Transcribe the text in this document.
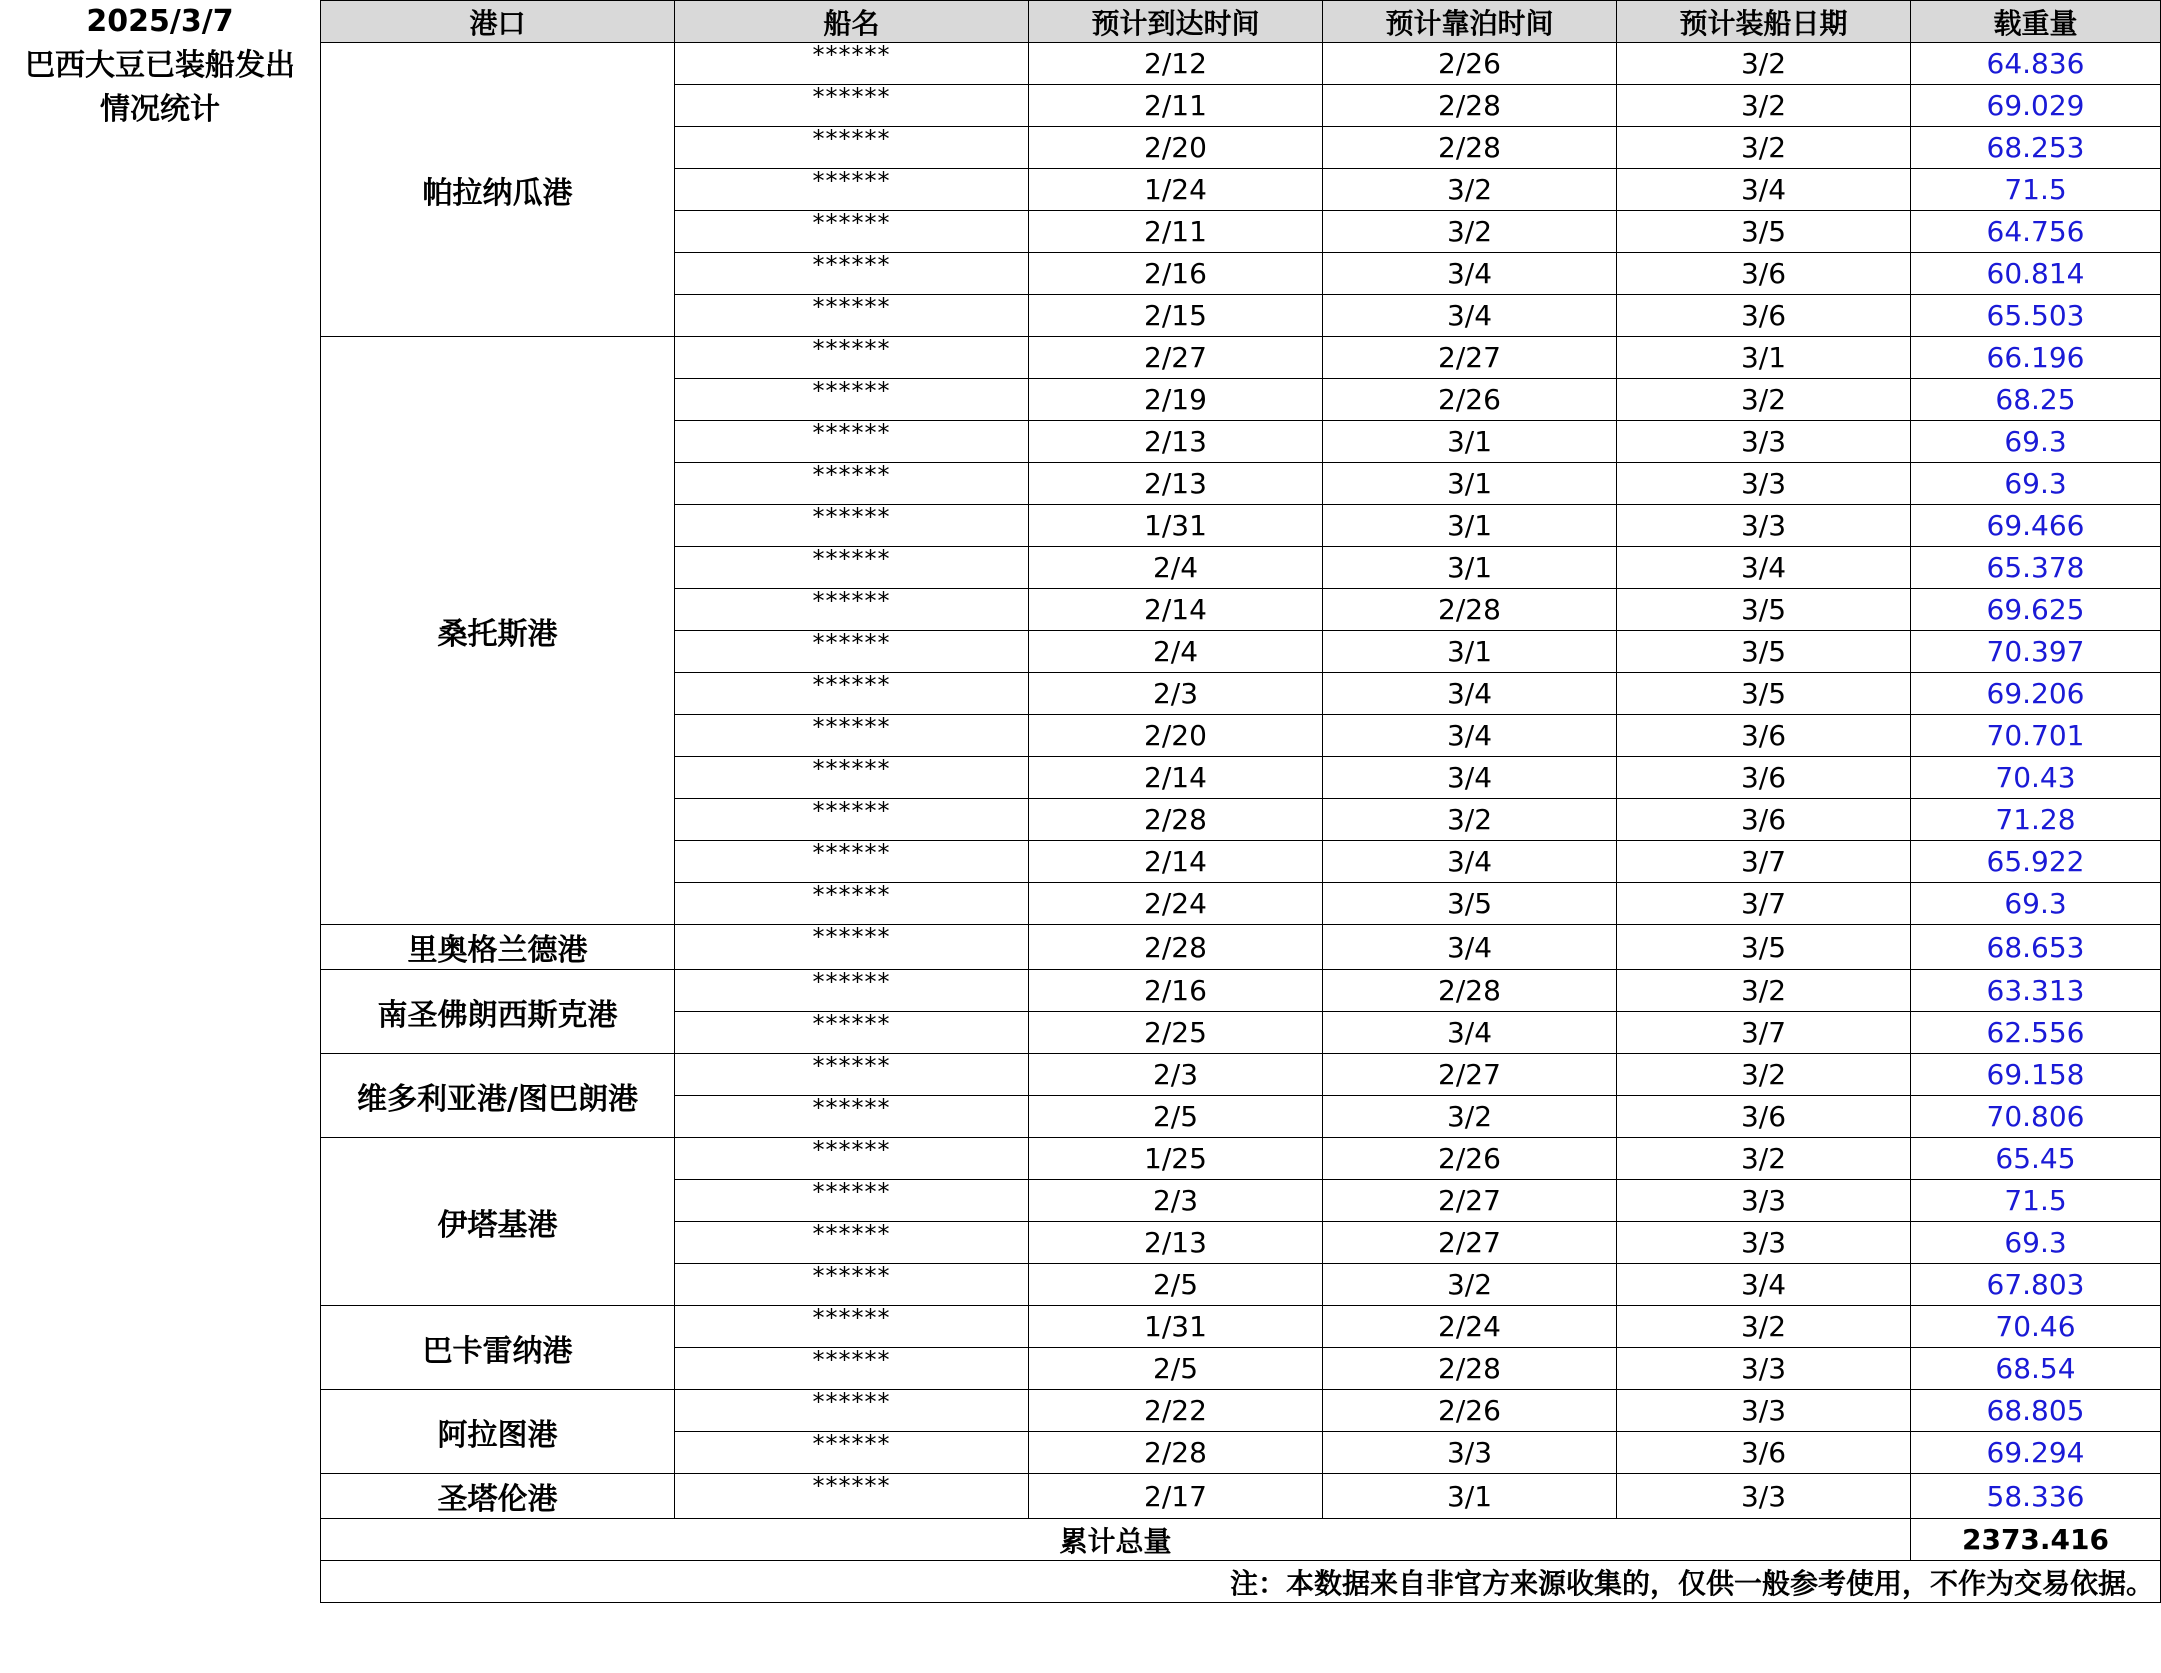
2025/3/7
巴西大豆已装船发出
情况统计
港口	船名	预计到达时间	预计靠泊时间	预计装船日期	载重量
帕拉纳瓜港	******	2/12	2/26	3/2	64.836
	******	2/11	2/28	3/2	69.029
	******	2/20	2/28	3/2	68.253
	******	1/24	3/2	3/4	71.5
	******	2/11	3/2	3/5	64.756
	******	2/16	3/4	3/6	60.814
	******	2/15	3/4	3/6	65.503
桑托斯港	******	2/27	2/27	3/1	66.196
	******	2/19	2/26	3/2	68.25
	******	2/13	3/1	3/3	69.3
	******	2/13	3/1	3/3	69.3
	******	1/31	3/1	3/3	69.466
	******	2/4	3/1	3/4	65.378
	******	2/14	2/28	3/5	69.625
	******	2/4	3/1	3/5	70.397
	******	2/3	3/4	3/5	69.206
	******	2/20	3/4	3/6	70.701
	******	2/14	3/4	3/6	70.43
	******	2/28	3/2	3/6	71.28
	******	2/14	3/4	3/7	65.922
	******	2/24	3/5	3/7	69.3
里奥格兰德港	******	2/28	3/4	3/5	68.653
南圣佛朗西斯克港	******	2/16	2/28	3/2	63.313
	******	2/25	3/4	3/7	62.556
维多利亚港/图巴朗港	******	2/3	2/27	3/2	69.158
	******	2/5	3/2	3/6	70.806
伊塔基港	******	1/25	2/26	3/2	65.45
	******	2/3	2/27	3/3	71.5
	******	2/13	2/27	3/3	69.3
	******	2/5	3/2	3/4	67.803
巴卡雷纳港	******	1/31	2/24	3/2	70.46
	******	2/5	2/28	3/3	68.54
阿拉图港	******	2/22	2/26	3/3	68.805
	******	2/28	3/3	3/6	69.294
圣塔伦港	******	2/17	3/1	3/3	58.336
累计总量					2373.416
注：本数据来自非官方来源收集的，仅供一般参考使用，不作为交易依据。					
